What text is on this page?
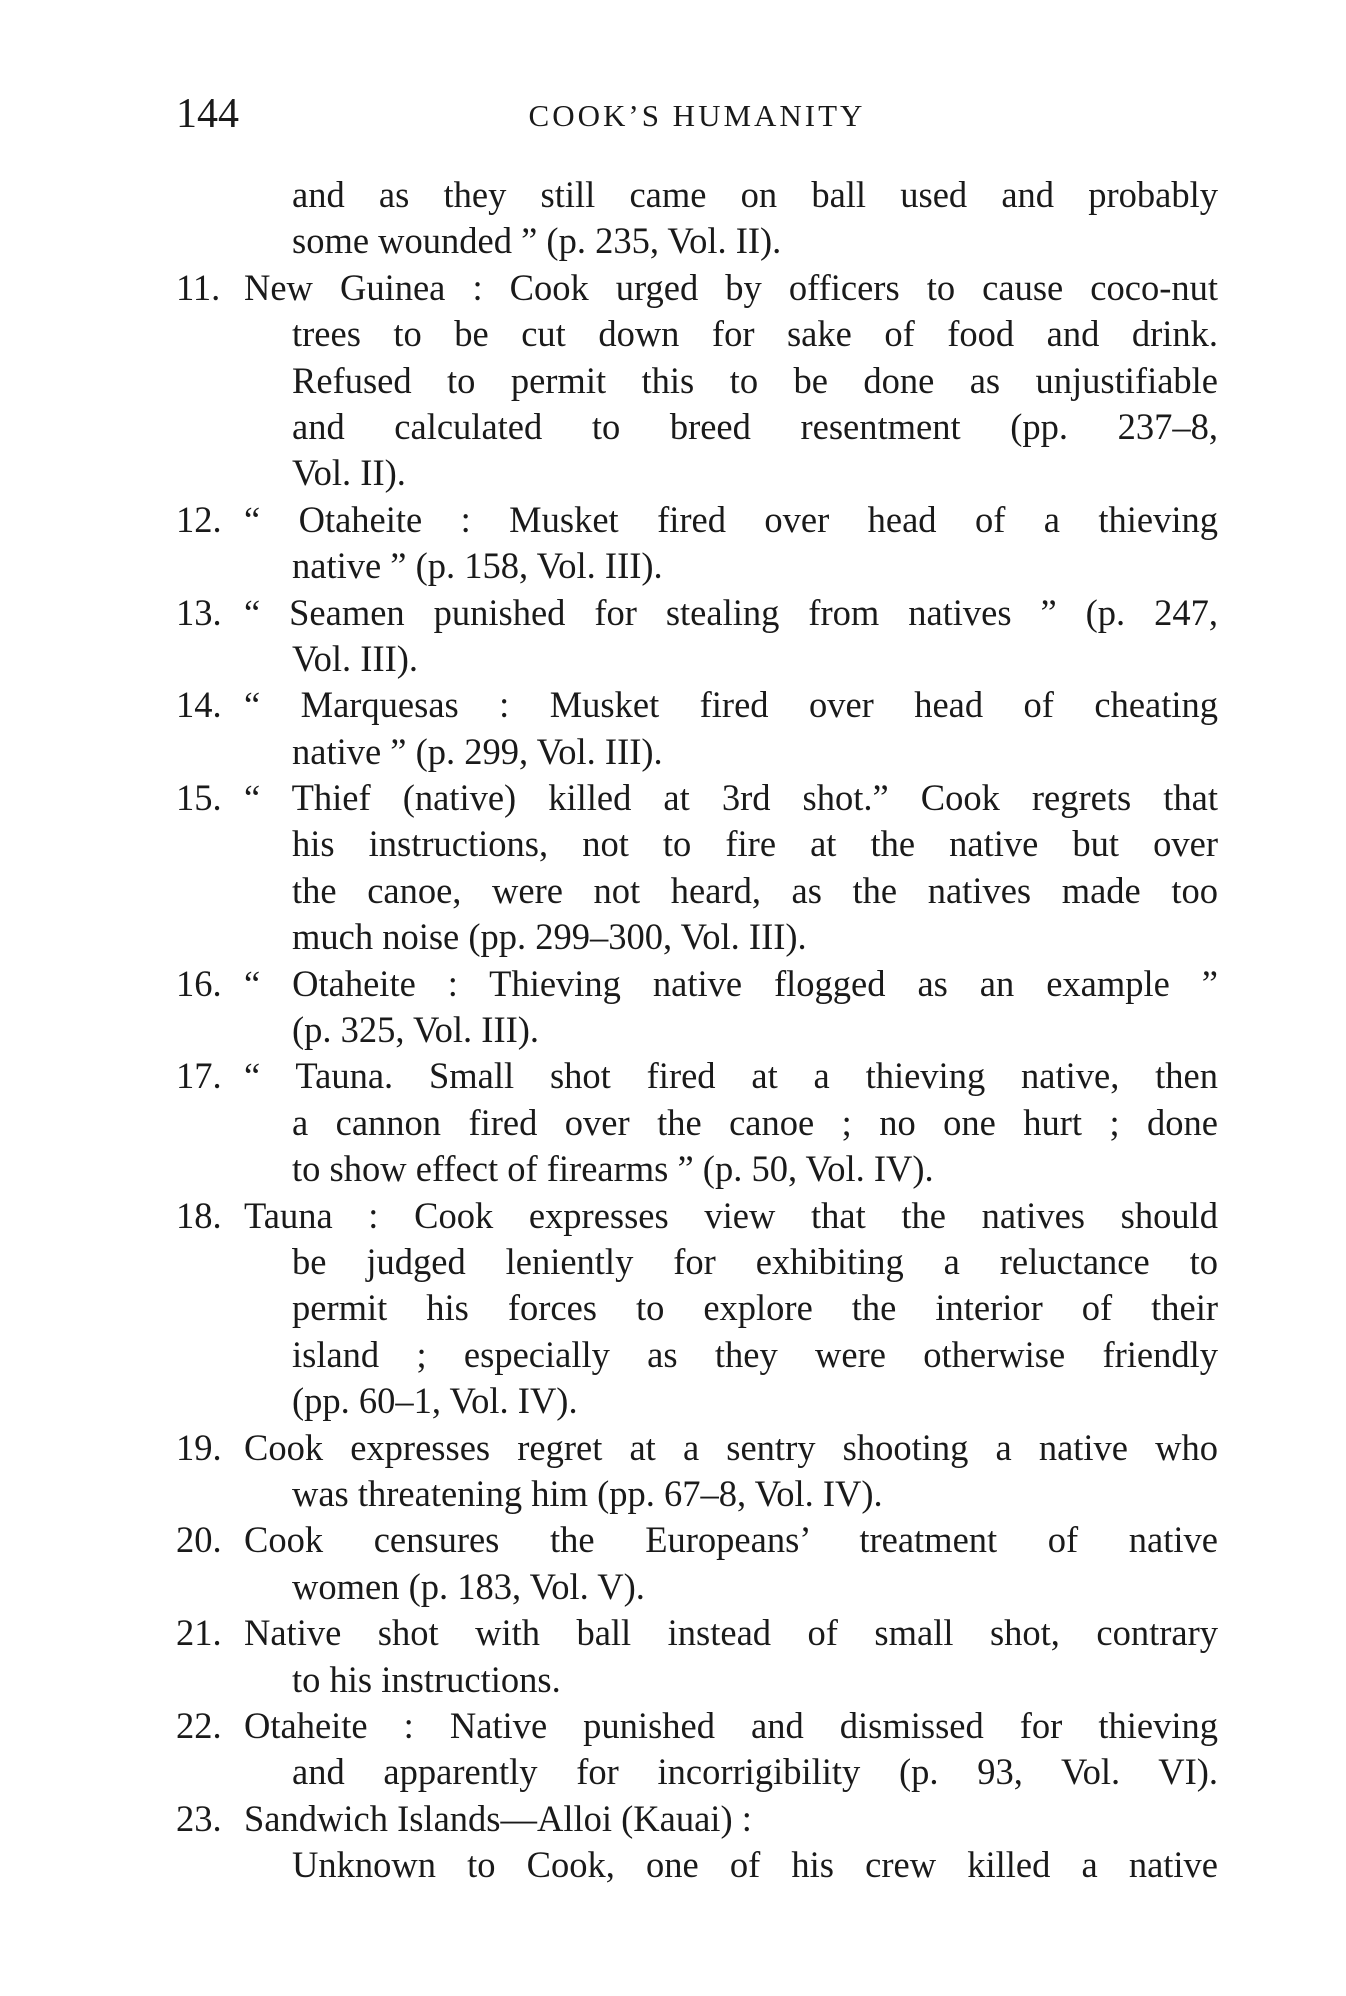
144	COOK’S HUMANITY
and as they still came on ball used and probably
some wounded ” (p. 235, Vol. II).
11. New Guinea : Cook urged by officers to cause coco-nut
trees to be cut down for sake of food and drink.
Refused to permit this to be done as unjustifiable
and calculated to breed resentment (pp. 237–8,
Vol. II).
12. “ Otaheite : Musket fired over head of a thieving
native ” (p. 158, Vol. III).
13. “ Seamen punished for stealing from natives ” (p. 247,
Vol. III).
14. “ Marquesas : Musket fired over head of cheating
native ” (p. 299, Vol. III).
15. “ Thief (native) killed at 3rd shot.” Cook regrets that
his instructions, not to fire at the native but over
the canoe, were not heard, as the natives made too
much noise (pp. 299–300, Vol. III).
16. “ Otaheite : Thieving native flogged as an example ”
(p. 325, Vol. III).
17. “ Tauna. Small shot fired at a thieving native, then
a cannon fired over the canoe ; no one hurt ; done
to show effect of firearms ” (p. 50, Vol. IV).
18. Tauna : Cook expresses view that the natives should
be judged leniently for exhibiting a reluctance to
permit his forces to explore the interior of their
island ; especially as they were otherwise friendly
(pp. 60–1, Vol. IV).
19. Cook expresses regret at a sentry shooting a native who
was threatening him (pp. 67–8, Vol. IV).
20. Cook censures the Europeans’ treatment of native
women (p. 183, Vol. V).
21. Native shot with ball instead of small shot, contrary
to his instructions.
22. Otaheite : Native punished and dismissed for thieving
and apparently for incorrigibility (p. 93, Vol. VI).
23. Sandwich Islands—Alloi (Kauai) :
Unknown to Cook, one of his crew killed a native
